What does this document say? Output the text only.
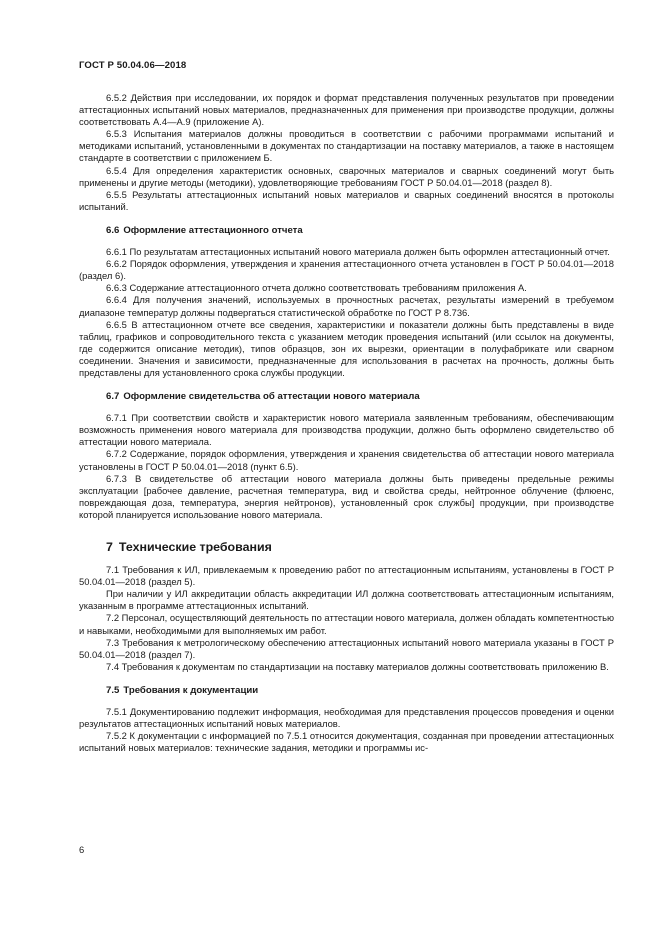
ГОСТ Р 50.04.06—2018
6.5.2 Действия при исследовании, их порядок и формат представления полученных результатов при проведении аттестационных испытаний новых материалов, предназначенных для применения при производстве продукции, должны соответствовать А.4—А.9 (приложение А).
6.5.3 Испытания материалов должны проводиться в соответствии с рабочими программами испытаний и методиками испытаний, установленными в документах по стандартизации на поставку материалов, а также в настоящем стандарте в соответствии с приложением Б.
6.5.4 Для определения характеристик основных, сварочных материалов и сварных соединений могут быть применены и другие методы (методики), удовлетворяющие требованиям ГОСТ Р 50.04.01—2018 (раздел 8).
6.5.5 Результаты аттестационных испытаний новых материалов и сварных соединений вносятся в протоколы испытаний.
6.6 Оформление аттестационного отчета
6.6.1 По результатам аттестационных испытаний нового материала должен быть оформлен аттестационный отчет.
6.6.2 Порядок оформления, утверждения и хранения аттестационного отчета установлен в ГОСТ Р 50.04.01—2018 (раздел 6).
6.6.3 Содержание аттестационного отчета должно соответствовать требованиям приложения А.
6.6.4 Для получения значений, используемых в прочностных расчетах, результаты измерений в требуемом диапазоне температур должны подвергаться статистической обработке по ГОСТ Р 8.736.
6.6.5 В аттестационном отчете все сведения, характеристики и показатели должны быть представлены в виде таблиц, графиков и сопроводительного текста с указанием методик проведения испытаний (или ссылок на документы, где содержится описание методик), типов образцов, зон их вырезки, ориентации в полуфабрикате или сварном соединении. Значения и зависимости, предназначенные для использования в расчетах на прочность, должны быть представлены для установленного срока службы продукции.
6.7 Оформление свидетельства об аттестации нового материала
6.7.1 При соответствии свойств и характеристик нового материала заявленным требованиям, обеспечивающим возможность применения нового материала для производства продукции, должно быть оформлено свидетельство об аттестации нового материала.
6.7.2 Содержание, порядок оформления, утверждения и хранения свидетельства об аттестации нового материала установлены в ГОСТ Р 50.04.01—2018 (пункт 6.5).
6.7.3 В свидетельстве об аттестации нового материала должны быть приведены предельные режимы эксплуатации [рабочее давление, расчетная температура, вид и свойства среды, нейтронное облучение (флюенс, повреждающая доза, температура, энергия нейтронов), установленный срок службы] продукции, при производстве которой планируется использование нового материала.
7 Технические требования
7.1 Требования к ИЛ, привлекаемым к проведению работ по аттестационным испытаниям, установлены в ГОСТ Р 50.04.01—2018 (раздел 5).
При наличии у ИЛ аккредитации область аккредитации ИЛ должна соответствовать аттестационным испытаниям, указанным в программе аттестационных испытаний.
7.2 Персонал, осуществляющий деятельность по аттестации нового материала, должен обладать компетентностью и навыками, необходимыми для выполняемых им работ.
7.3 Требования к метрологическому обеспечению аттестационных испытаний нового материала указаны в ГОСТ Р 50.04.01—2018 (раздел 7).
7.4 Требования к документам по стандартизации на поставку материалов должны соответствовать приложению В.
7.5 Требования к документации
7.5.1 Документированию подлежит информация, необходимая для представления процессов проведения и оценки результатов аттестационных испытаний новых материалов.
7.5.2 К документации с информацией по 7.5.1 относится документация, созданная при проведении аттестационных испытаний новых материалов: технические задания, методики и программы ис-
6
